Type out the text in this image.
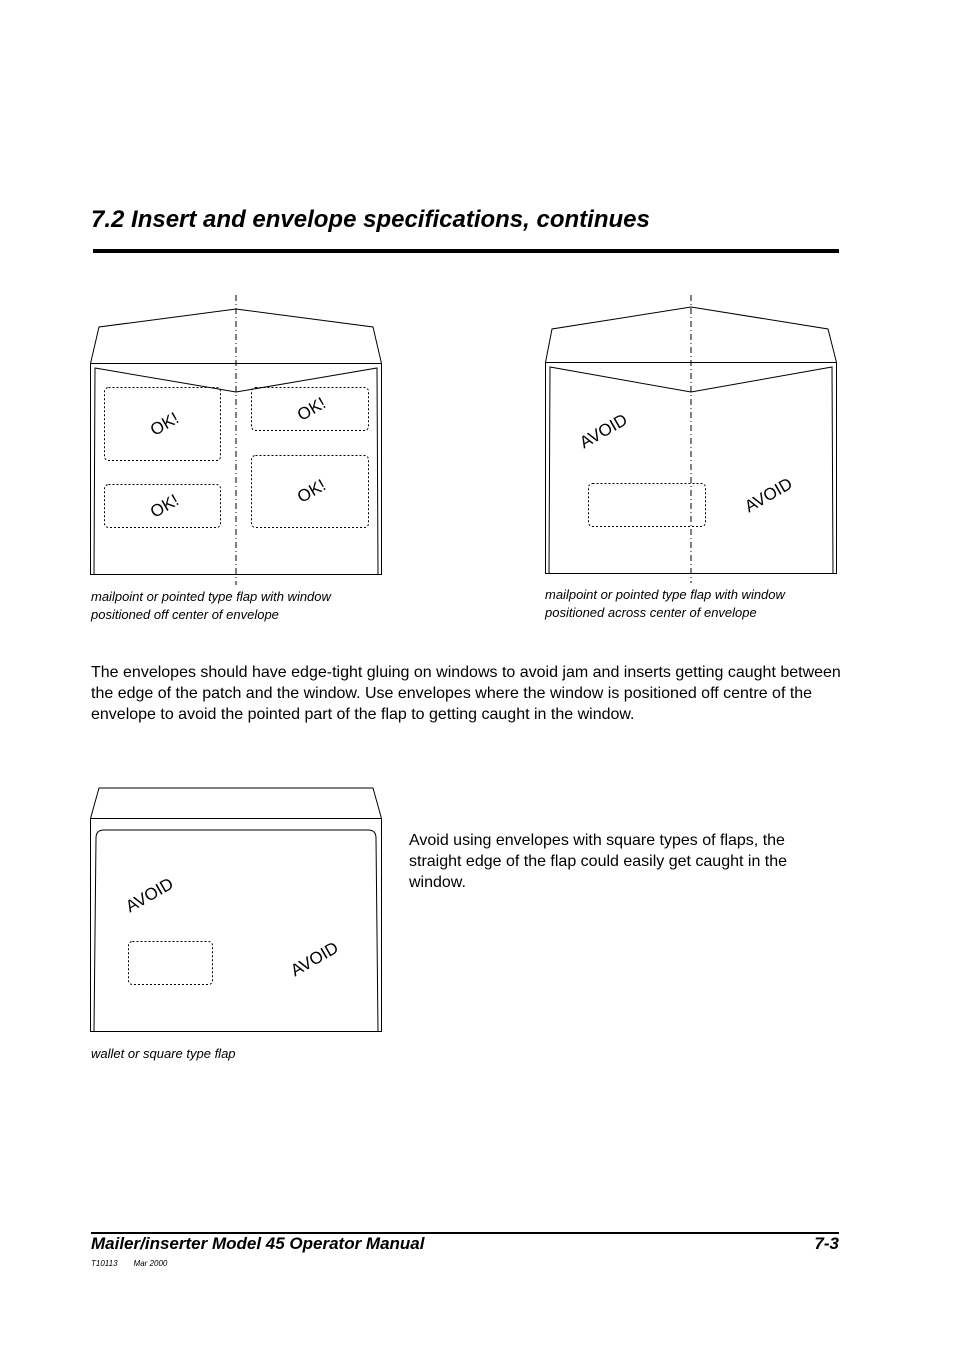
7.2 Insert and envelope specifications, continues
OK!	OK!
OK!	OK!

mailpoint or pointed type flap with window
positioned off center of envelope

AVOID
AVOID

mailpoint or pointed type flap with window
positioned across center of envelope

The envelopes should have edge-tight gluing on windows to avoid jam and inserts getting caught between the edge of the patch and the window. Use envelopes where the window is positioned off centre of the envelope to avoid the pointed part of the flap to getting caught in the window.

AVOID
AVOID

wallet or square type flap

Avoid using envelopes with square types of flaps, the straight edge of the flap could easily get caught in the window.

Mailer/inserter Model 45 Operator Manual	7-3
T10113 Mar 2000
